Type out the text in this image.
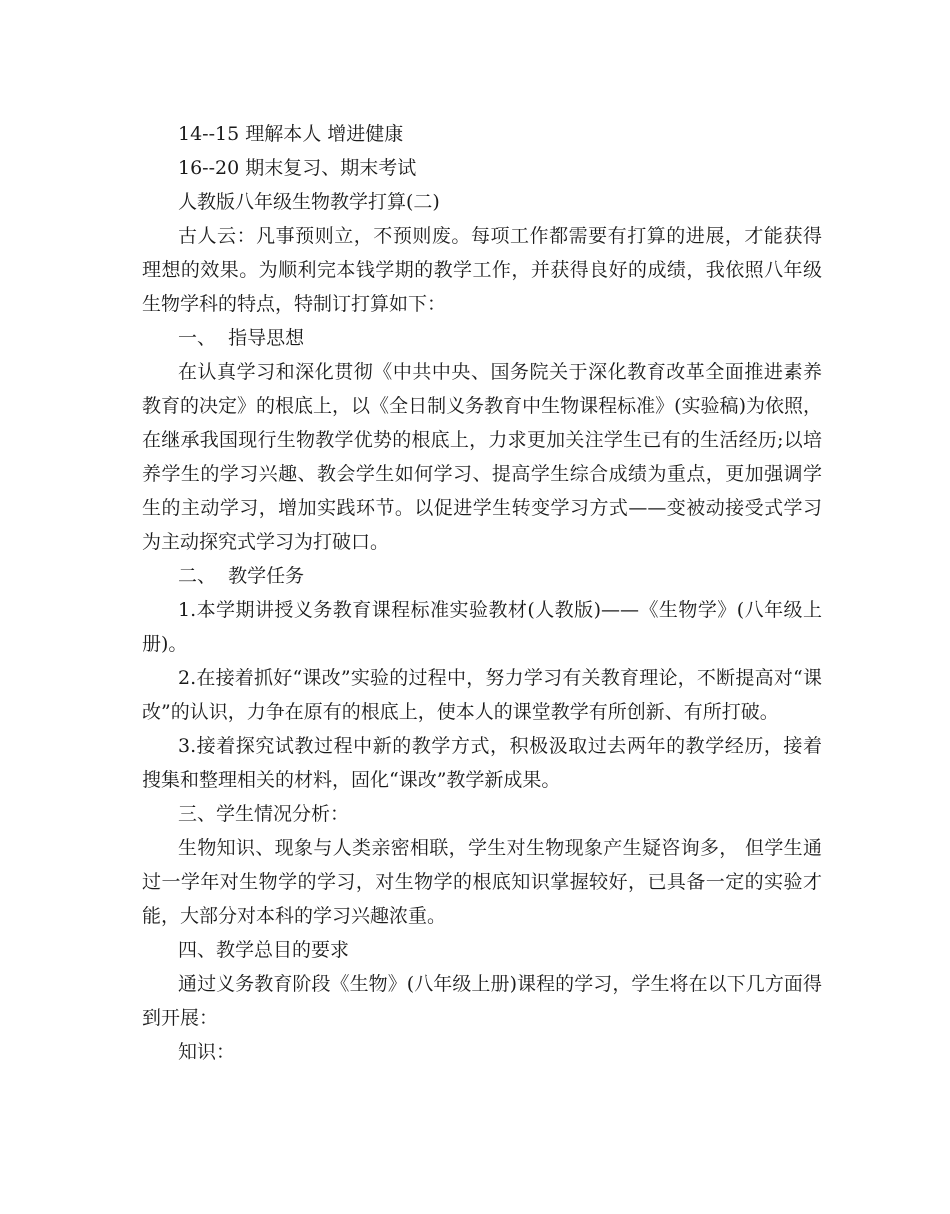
14--15 理解本人 增进健康

16--20 期末复习、期末考试

人教版八年级生物教学打算(二)

古人云：凡事预则立，不预则废。每项工作都需要有打算的进展，才能获得理想的效果。为顺利完本钱学期的教学工作，并获得良好的成绩，我依照八年级生物学科的特点，特制订打算如下：

一、  指导思想

在认真学习和深化贯彻《中共中央、国务院关于深化教育改革全面推进素养教育的决定》的根底上，以《全日制义务教育中生物课程标准》(实验稿)为依照，在继承我国现行生物教学优势的根底上，力求更加关注学生已有的生活经历;以培养学生的学习兴趣、教会学生如何学习、提高学生综合成绩为重点，更加强调学生的主动学习，增加实践环节。以促进学生转变学习方式——变被动接受式学习为主动探究式学习为打破口。

二、  教学任务

1.本学期讲授义务教育课程标准实验教材(人教版)——《生物学》(八年级上册)。

2.在接着抓好“课改”实验的过程中，努力学习有关教育理论，不断提高对“课改”的认识，力争在原有的根底上，使本人的课堂教学有所创新、有所打破。

3.接着探究试教过程中新的教学方式，积极汲取过去两年的教学经历，接着搜集和整理相关的材料，固化“课改”教学新成果。

三、学生情况分析：

生物知识、现象与人类亲密相联，学生对生物现象产生疑咨询多， 但学生通过一学年对生物学的学习，对生物学的根底知识掌握较好，已具备一定的实验才能，大部分对本科的学习兴趣浓重。

四、教学总目的要求

通过义务教育阶段《生物》(八年级上册)课程的学习，学生将在以下几方面得到开展：

知识：
